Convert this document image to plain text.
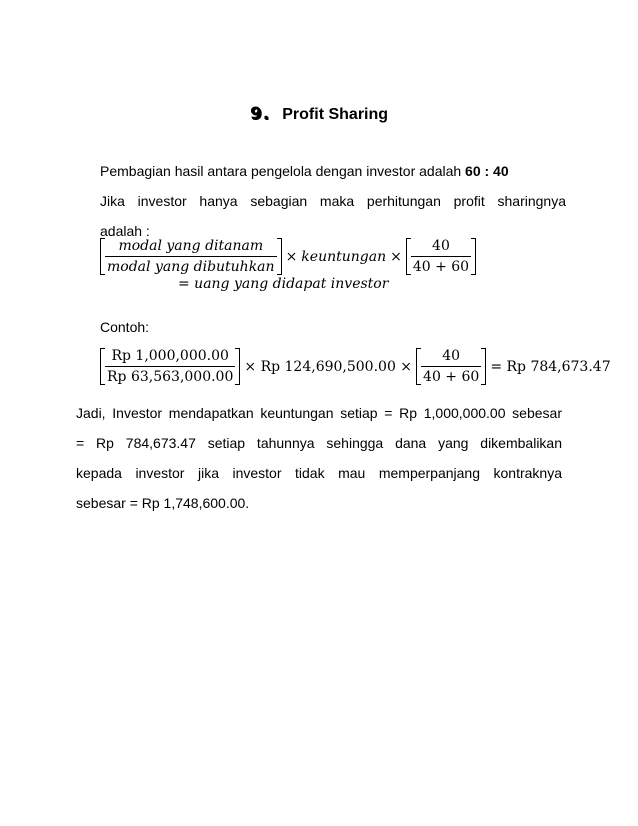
9. Profit Sharing
Pembagian hasil antara pengelola dengan investor adalah 60 : 40
Jika investor hanya sebagian maka perhitungan profit sharingnya
adalah :
$\frac{\text{modal yang ditanam}}{\text{modal yang dibutuhkan}}$ × keuntungan × $\frac{40}{40 + 60}$
= uang yang didapat investor
Contoh:
$\frac{Rp 1,000,000.00}{Rp 63,563,000.00} \times Rp$ $124,690,500.00 \times \frac{40}{40 + 60} = Rp$ 784,673.47
Jadi, Investor mendapatkan keuntungan setiap = Rp 1,000,000.00 sebesar
= Rp 784,673.47 setiap tahunnya sehingga dana yang dikembalikan
kepada investor jika investor tidak mau memperpanjang kontraknya
sebesar = Rp 1,748,600.00.
